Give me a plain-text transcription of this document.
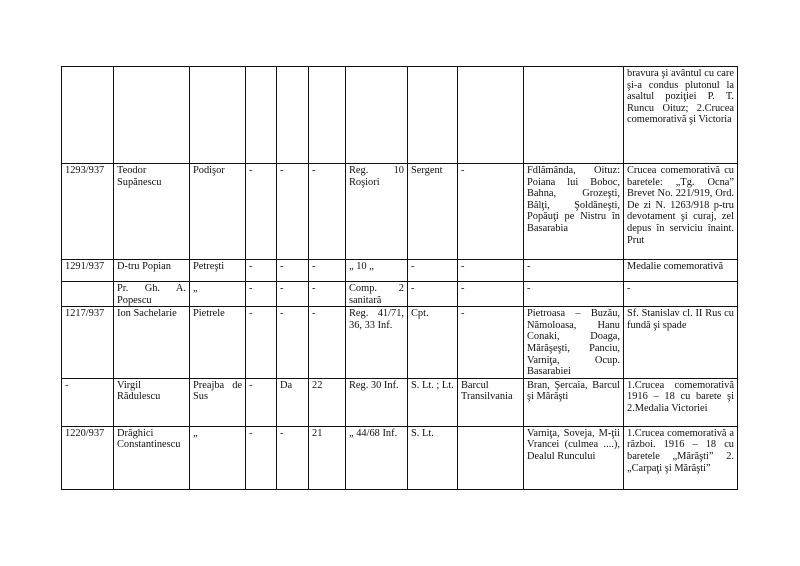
										bravura şi avântul cu care şi-a condus plutonul la asaltul poziţiei P. T. Runcu Oituz; 2.Crucea comemorativă şi Victoria
1293/937	Teodor Supănescu	Podişor	-	-	-	Reg. 10 Roşiori	Sergent	-	Fdlămânda, Oituz: Poiana lui Boboc, Bahna, Grozeşti, Bălţi, Şoldăneşti, Popăuţi pe Nistru în Basarabia	Crucea comemorativă cu baretele: „Tg. Ocna” Brevet No. 221/919, Ord. De zi N. 1263/918 p-tru devotament şi curaj, zel depus în serviciu înaint. Prut
1291/937	D-tru Popian	Petreşti	-	-	-	„ 10 „	-	-	-	Medalie comemorativă
	Pr. Gh. A. Popescu	„	-	-	-	Comp. 2 sanitară	-	-	-	-
1217/937	Ion Sachelarie	Pietrele	-	-	-	Reg. 41/71, 36, 33 Inf.	Cpt.	-	Pietroasa – Buzău, Nămoloasa, Hanu Conaki, Doaga, Mărăşeşti, Panciu, Varniţa, Ocup. Basarabiei	Sf. Stanislav cl. II Rus cu fundă şi spade
-	Virgil Rădulescu	Preajba de Sus	-	Da	22	Reg. 30 Inf.	S. Lt. ; Lt.	Barcul Transilvania	Bran, Şercaia, Barcul şi Mărăşti	1.Crucea comemorativă 1916 – 18 cu barete şi 2.Medalia Victoriei
1220/937	Drăghici Constantinescu	„	-	-	21	„ 44/68 Inf.	S. Lt.		Varniţa, Soveja, M-ţii Vrancei (culmea ....), Dealul Runcului	1.Crucea comemorativă a război. 1916 – 18 cu baretele „Mărăşti” 2. „Carpaţi şi Mărăşti”
